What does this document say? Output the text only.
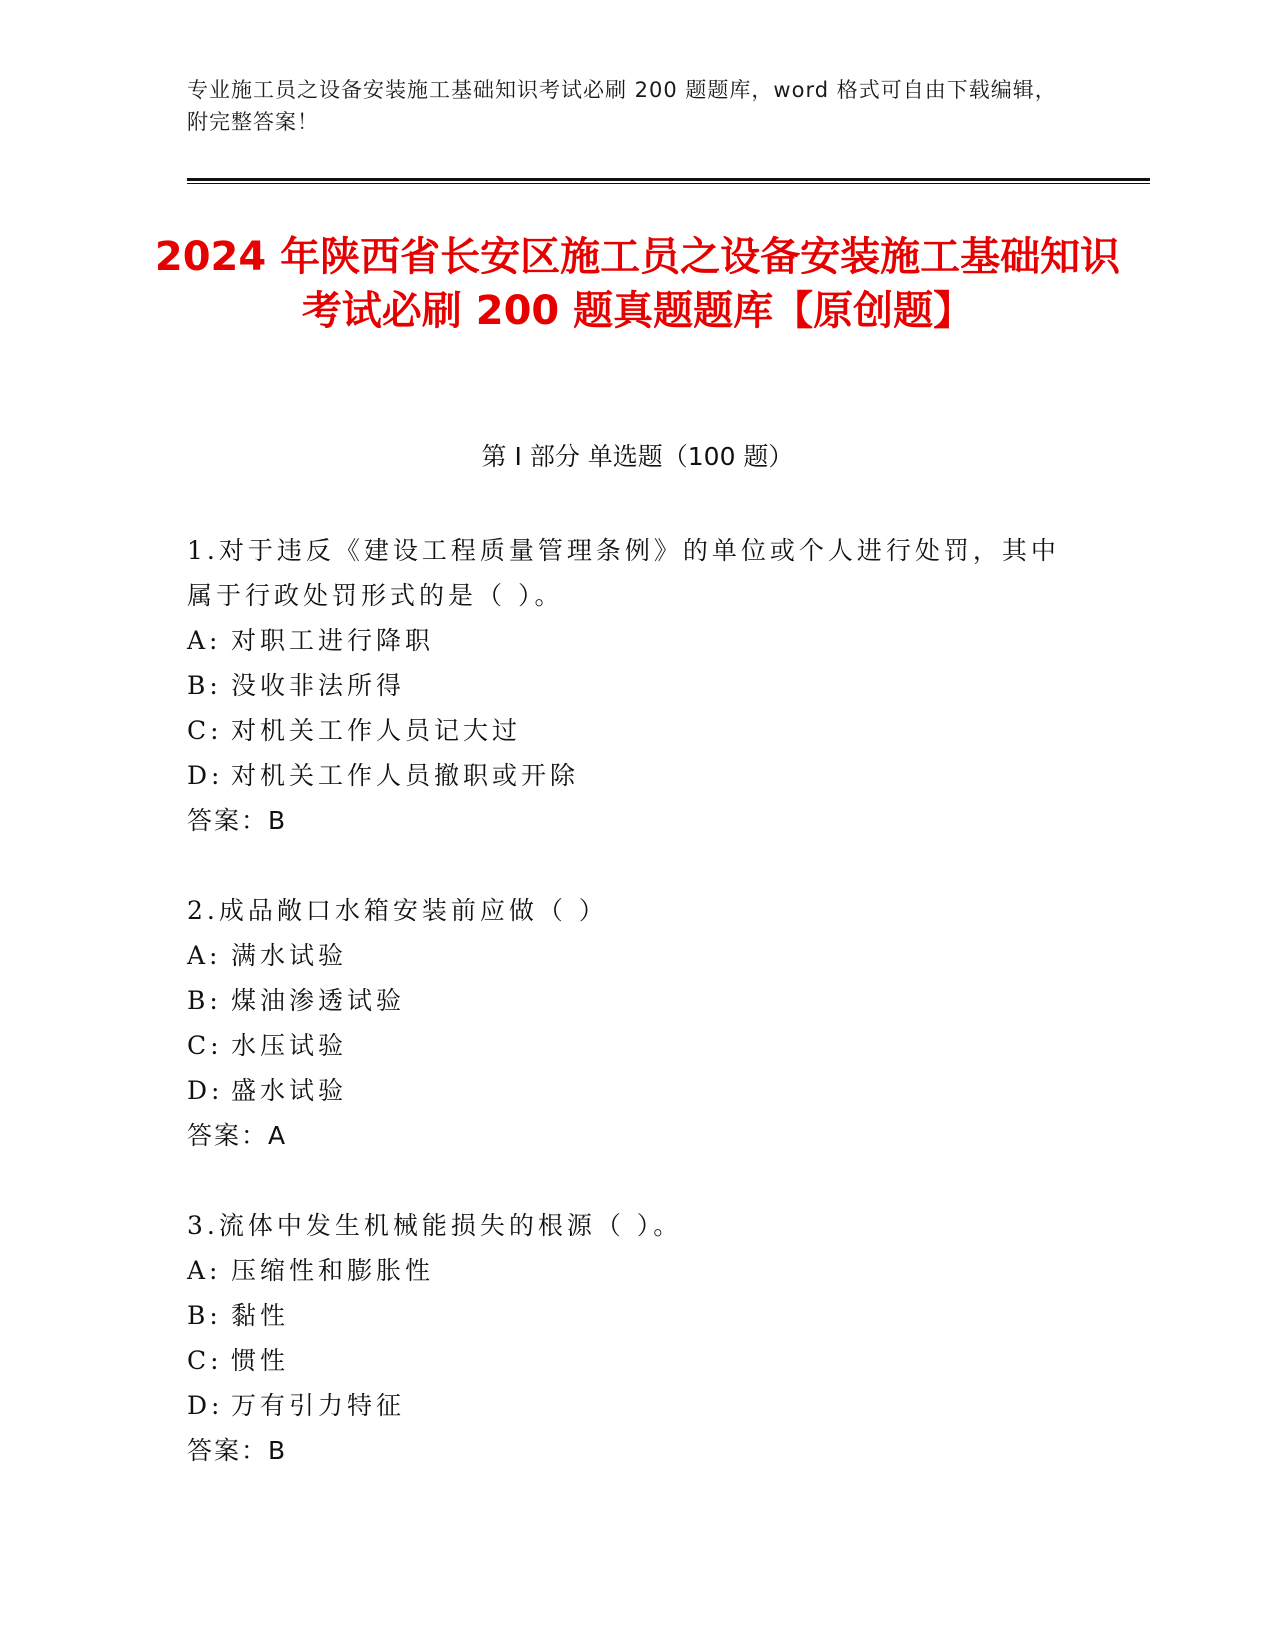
专业施工员之设备安装施工基础知识考试必刷 200 题题库，word 格式可自由下载编辑，附完整答案！
2024 年陕西省长安区施工员之设备安装施工基础知识考试必刷 200 题真题题库【原创题】
第 I 部分 单选题（100 题）
1.对于违反《建设工程质量管理条例》的单位或个人进行处罚，其中属于行政处罚形式的是（ ）。
A: 对职工进行降职
B: 没收非法所得
C: 对机关工作人员记大过
D: 对机关工作人员撤职或开除
答案：B
2.成品敞口水箱安装前应做（ ）
A: 满水试验
B: 煤油渗透试验
C: 水压试验
D: 盛水试验
答案：A
3.流体中发生机械能损失的根源（ ）。
A: 压缩性和膨胀性
B: 黏性
C: 惯性
D: 万有引力特征
答案：B
